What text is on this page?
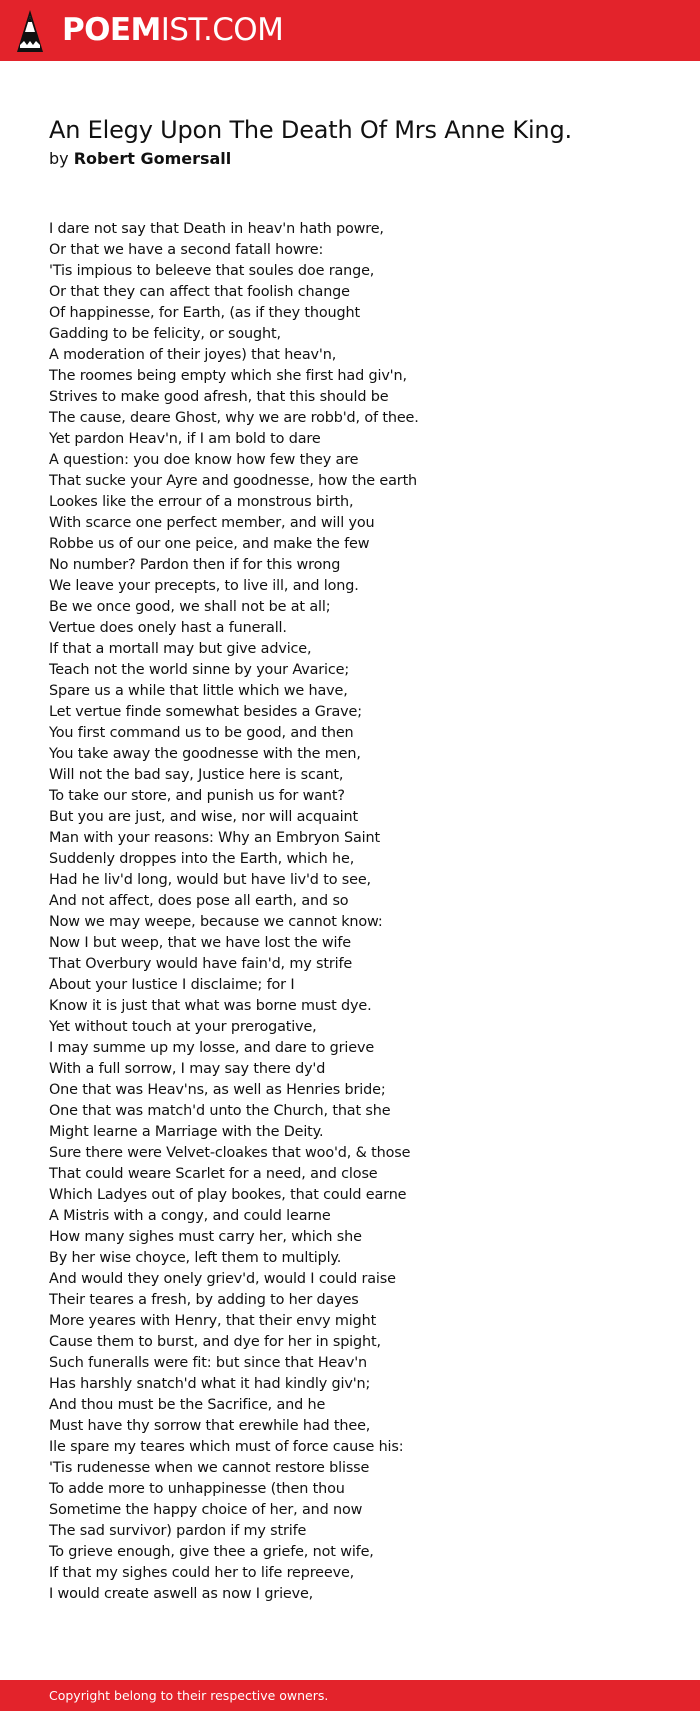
POEMIST.COM
An Elegy Upon The Death Of Mrs Anne King.
by Robert Gomersall
I dare not say that Death in heav'n hath powre,
Or that we have a second fatall howre:
'Tis impious to beleeve that soules doe range,
Or that they can affect that foolish change
Of happinesse, for Earth, (as if they thought
Gadding to be felicity, or sought,
A moderation of their joyes) that heav'n,
The roomes being empty which she first had giv'n,
Strives to make good afresh, that this should be
The cause, deare Ghost, why we are robb'd, of thee.
Yet pardon Heav'n, if I am bold to dare
A question: you doe know how few they are
That sucke your Ayre and goodnesse, how the earth
Lookes like the errour of a monstrous birth,
With scarce one perfect member, and will you
Robbe us of our one peice, and make the few
No number? Pardon then if for this wrong
We leave your precepts, to live ill, and long.
Be we once good, we shall not be at all;
Vertue does onely hast a funerall.
If that a mortall may but give advice,
Teach not the world sinne by your Avarice;
Spare us a while that little which we have,
Let vertue finde somewhat besides a Grave;
You first command us to be good, and then
You take away the goodnesse with the men,
Will not the bad say, Justice here is scant,
To take our store, and punish us for want?
But you are just, and wise, nor will acquaint
Man with your reasons: Why an Embryon Saint
Suddenly droppes into the Earth, which he,
Had he liv'd long, would but have liv'd to see,
And not affect, does pose all earth, and so
Now we may weepe, because we cannot know:
Now I but weep, that we have lost the wife
That Overbury would have fain'd, my strife
About your Iustice I disclaime; for I
Know it is just that what was borne must dye.
Yet without touch at your prerogative,
I may summe up my losse, and dare to grieve
With a full sorrow, I may say there dy'd
One that was Heav'ns, as well as Henries bride;
One that was match'd unto the Church, that she
Might learne a Marriage with the Deity.
Sure there were Velvet-cloakes that woo'd, & those
That could weare Scarlet for a need, and close
Which Ladyes out of play bookes, that could earne
A Mistris with a congy, and could learne
How many sighes must carry her, which she
By her wise choyce, left them to multiply.
And would they onely griev'd, would I could raise
Their teares a fresh, by adding to her dayes
More yeares with Henry, that their envy might
Cause them to burst, and dye for her in spight,
Such funeralls were fit: but since that Heav'n
Has harshly snatch'd what it had kindly giv'n;
And thou must be the Sacrifice, and he
Must have thy sorrow that erewhile had thee,
Ile spare my teares which must of force cause his:
'Tis rudenesse when we cannot restore blisse
To adde more to unhappinesse (then thou
Sometime the happy choice of her, and now
The sad survivor) pardon if my strife
To grieve enough, give thee a griefe, not wife,
If that my sighes could her to life repreeve,
I would create aswell as now I grieve,
Copyright belong to their respective owners.
